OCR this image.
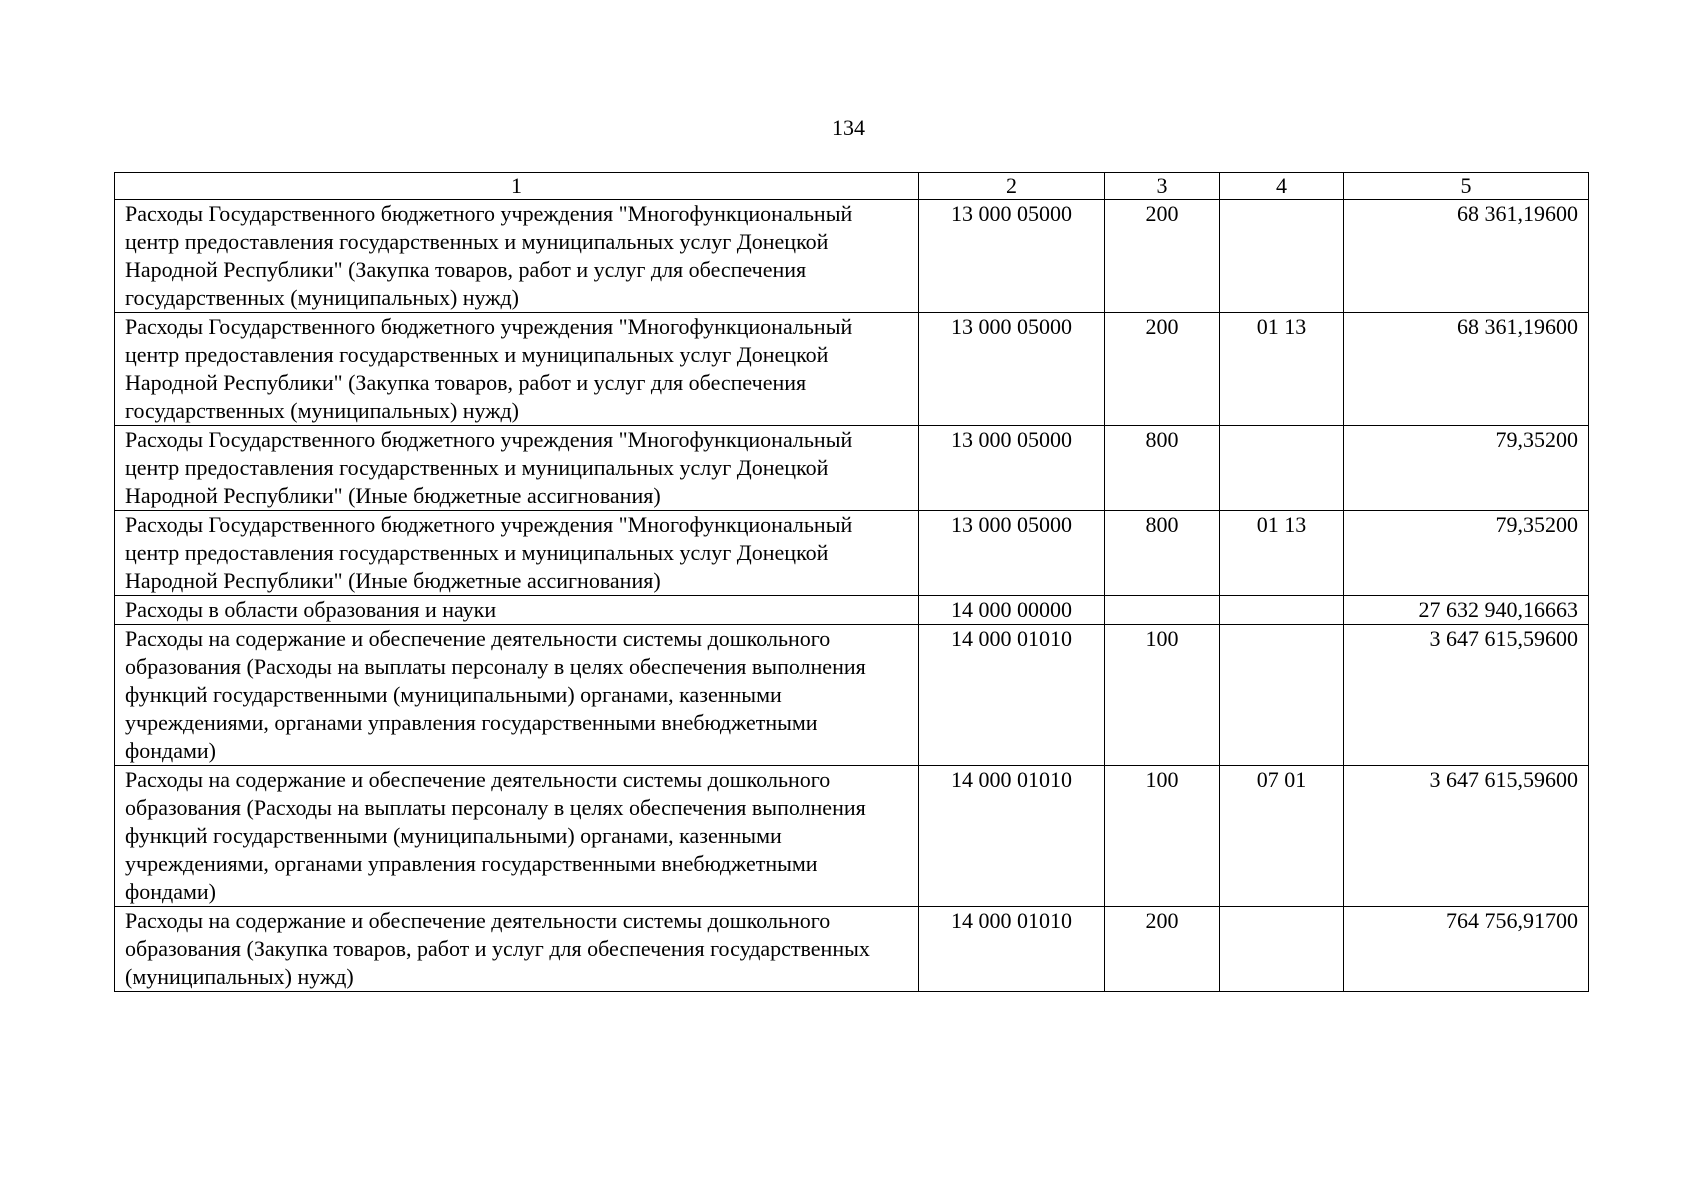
134
1	2	3	4	5
Расходы Государственного бюджетного учреждения "Многофункциональный центр предоставления государственных и муниципальных услуг Донецкой Народной Республики" (Закупка товаров, работ и услуг для обеспечения государственных (муниципальных) нужд)	13 000 05000	200		68 361,19600
Расходы Государственного бюджетного учреждения "Многофункциональный центр предоставления государственных и муниципальных услуг Донецкой Народной Республики" (Закупка товаров, работ и услуг для обеспечения государственных (муниципальных) нужд)	13 000 05000	200	01 13	68 361,19600
Расходы Государственного бюджетного учреждения "Многофункциональный центр предоставления государственных и муниципальных услуг Донецкой Народной Республики" (Иные бюджетные ассигнования)	13 000 05000	800		79,35200
Расходы Государственного бюджетного учреждения "Многофункциональный центр предоставления государственных и муниципальных услуг Донецкой Народной Республики" (Иные бюджетные ассигнования)	13 000 05000	800	01 13	79,35200
Расходы в области образования и науки	14 000 00000			27 632 940,16663
Расходы на содержание и обеспечение деятельности системы дошкольного образования (Расходы на выплаты персоналу в целях обеспечения выполнения функций государственными (муниципальными) органами, казенными учреждениями, органами управления государственными внебюджетными фондами)	14 000 01010	100		3 647 615,59600
Расходы на содержание и обеспечение деятельности системы дошкольного образования (Расходы на выплаты персоналу в целях обеспечения выполнения функций государственными (муниципальными) органами, казенными учреждениями, органами управления государственными внебюджетными фондами)	14 000 01010	100	07 01	3 647 615,59600
Расходы на содержание и обеспечение деятельности системы дошкольного образования (Закупка товаров, работ и услуг для обеспечения государственных (муниципальных) нужд)	14 000 01010	200		764 756,91700
